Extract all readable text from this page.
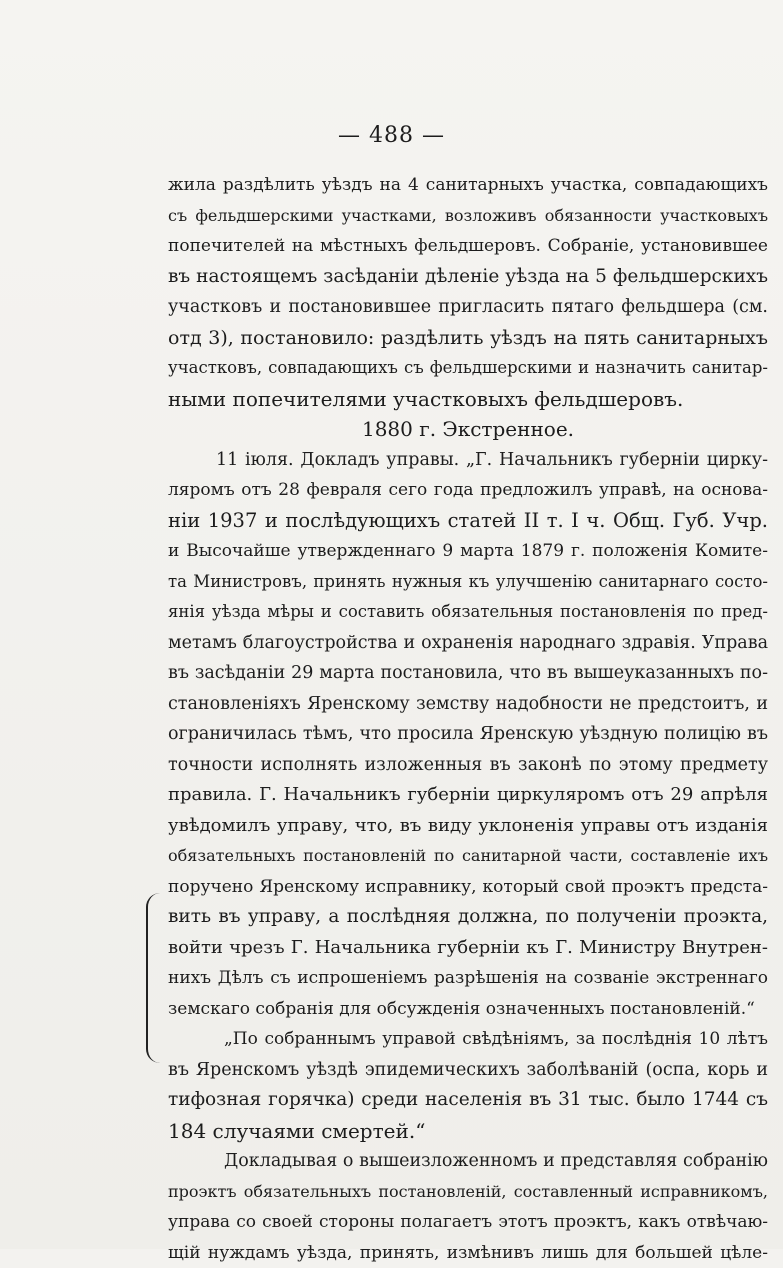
— 488 —
жила раздѣлить уѣздъ на 4 санитарныхъ участка, совпадающихъ
съ фельдшерскими участками, возложивъ обязанности участковыхъ
попечителей на мѣстныхъ фельдшеровъ. Собраніе, установившее
въ настоящемъ засѣданіи дѣленіе уѣзда на 5 фельдшерскихъ
участковъ и постановившее пригласить пятаго фельдшера (см.
отд 3), постановило: раздѣлить уѣздъ на пять санитарныхъ
участковъ, совпадающихъ съ фельдшерскими и назначить санитар-
ными попечителями участковыхъ фельдшеровъ.
1880 г. Экстренное.
11 іюля. Докладъ управы. „Г. Начальникъ губерніи цирку-
ляромъ отъ 28 февраля сего года предложилъ управѣ, на основа-
ніи 1937 и послѣдующихъ статей II т. I ч. Общ. Губ. Учр.
и Высочайше утвержденнаго 9 марта 1879 г. положенія Комите-
та Министровъ, принять нужныя къ улучшенію санитарнаго состо-
янія уѣзда мѣры и составить обязательныя постановленія по пред-
метамъ благоустройства и охраненія народнаго здравія. Управа
въ засѣданіи 29 марта постановила, что въ вышеуказанныхъ по-
становленіяхъ Яренскому земству надобности не предстоитъ, и
ограничилась тѣмъ, что просила Яренскую уѣздную полицію въ
точности исполнять изложенныя въ законѣ по этому предмету
правила. Г. Начальникъ губерніи циркуляромъ отъ 29 апрѣля
увѣдомилъ управу, что, въ виду уклоненія управы отъ изданія
обязательныхъ постановленій по санитарной части, составленіе ихъ
поручено Яренскому исправнику, который свой проэктъ предста-
вить въ управу, а послѣдняя должна, по полученіи проэкта,
войти чрезъ Г. Начальника губерніи къ Г. Министру Внутрен-
нихъ Дѣлъ съ испрошеніемъ разрѣшенія на созваніе экстреннаго
земскаго собранія для обсужденія означенныхъ постановленій.“
„По собраннымъ управой свѣдѣніямъ, за послѣднія 10 лѣтъ
въ Яренскомъ уѣздѣ эпидемическихъ заболѣваній (оспа, корь и
тифозная горячка) среди населенія въ 31 тыс. было 1744 съ
184 случаями смертей.“
Докладывая о вышеизложенномъ и представляя собранію
проэктъ обязательныхъ постановленій, составленный исправникомъ,
управа со своей стороны полагаетъ этотъ проэктъ, какъ отвѣчаю-
щій нуждамъ уѣзда, принять, измѣнивъ лишь для большей цѣле-
